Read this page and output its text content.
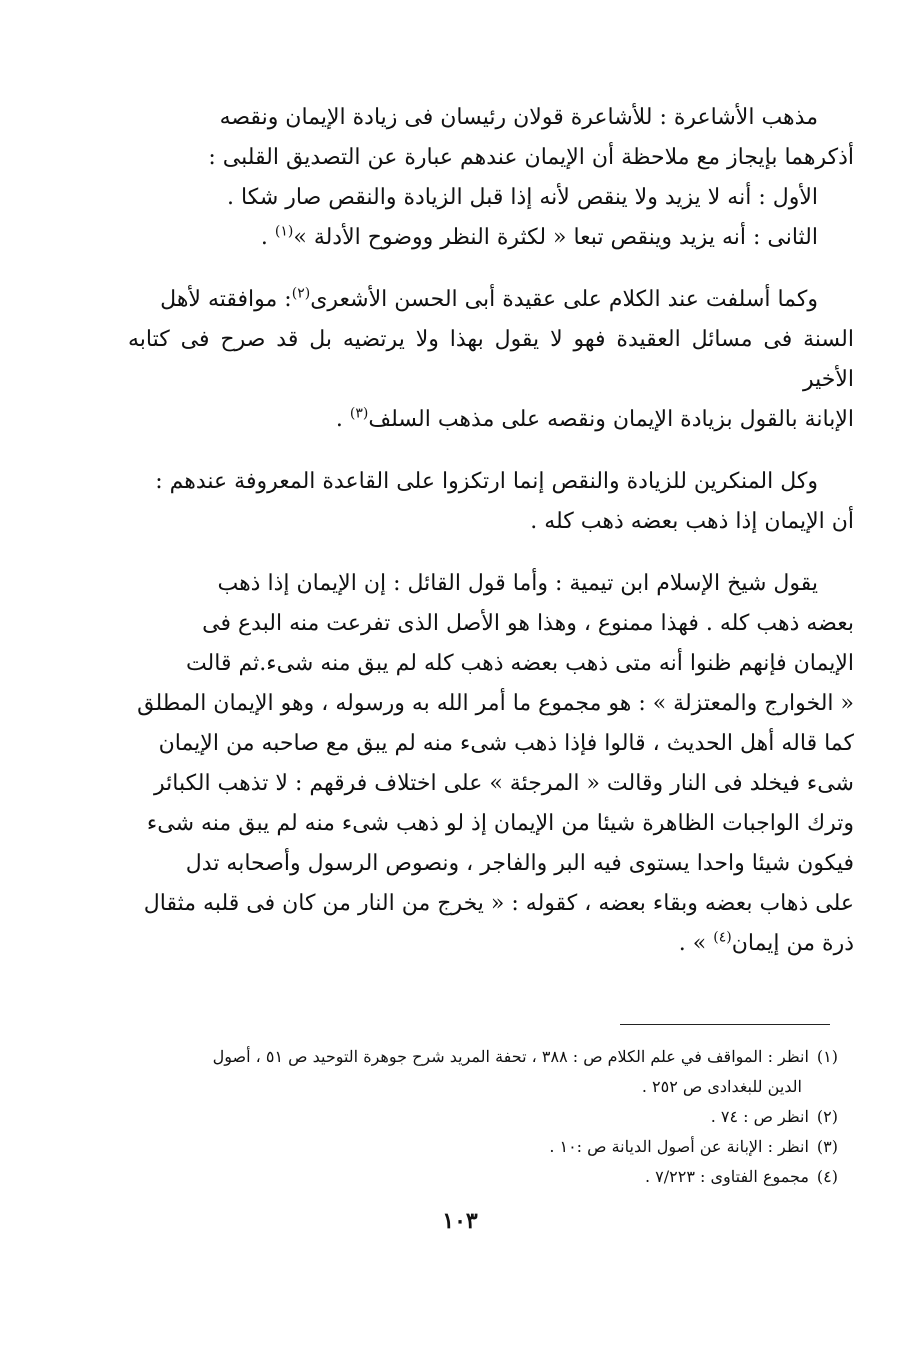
مذهب الأشاعرة : للأشاعرة قولان رئيسان فى زيادة الإيمان ونقصه
أذكرهما بإيجاز مع ملاحظة أن الإيمان عندهم عبارة عن التصديق القلبى :
الأول : أنه لا يزيد ولا ينقص لأنه إذا قبل الزيادة والنقص صار شكا .
الثانى : أنه يزيد وينقص تبعا « لكثرة النظر ووضوح الأدلة »$^{(١)}$ .

وكما أسلفت عند الكلام على عقيدة أبى الحسن الأشعرى$^{(٢)}$: موافقته لأهل
السنة فى مسائل العقيدة فهو لا يقول بهذا ولا يرتضيه بل قد صرح فى كتابه الأخير
الإبانة بالقول بزيادة الإيمان ونقصه على مذهب السلف$^{(٣)}$ .

وكل المنكرين للزيادة والنقص إنما ارتكزوا على القاعدة المعروفة عندهم :
أن الإيمان إذا ذهب بعضه ذهب كله .

يقول شيخ الإسلام ابن تيمية : وأما قول القائل : إن الإيمان إذا ذهب
بعضه ذهب كله . فهذا ممنوع ، وهذا هو الأصل الذى تفرعت منه البدع فى
الإيمان فإنهم ظنوا أنه متى ذهب بعضه ذهب كله لم يبق منه شىء.ثم قالت
« الخوارج والمعتزلة » : هو مجموع ما أمر الله به ورسوله ، وهو الإيمان المطلق
كما قاله أهل الحديث ، قالوا فإذا ذهب شىء منه لم يبق مع صاحبه من الإيمان
شىء فيخلد فى النار وقالت « المرجئة » على اختلاف فرقهم : لا تذهب الكبائر
وترك الواجبات الظاهرة شيئا من الإيمان إذ لو ذهب شىء منه لم يبق منه شىء
فيكون شيئا واحدا يستوى فيه البر والفاجر ، ونصوص الرسول وأصحابه تدل
على ذهاب بعضه وبقاء بعضه ، كقوله : « يخرج من النار من كان فى قلبه مثقال
ذرة من إيمان$^{(٤)}$ » .

(١)انظر : المواقف في علم الكلام ص : ٣٨٨ ، تحفة المريد شرح جوهرة التوحيد ص ٥١ ، أصول
الدين للبغدادى ص ٢٥٢ .
(٢)انظر ص : ٧٤ .
(٣)انظر : الإبانة عن أصول الديانة ص :١٠ .
(٤)مجموع الفتاوى : ٧/٢٢٣ .
١٠٣
